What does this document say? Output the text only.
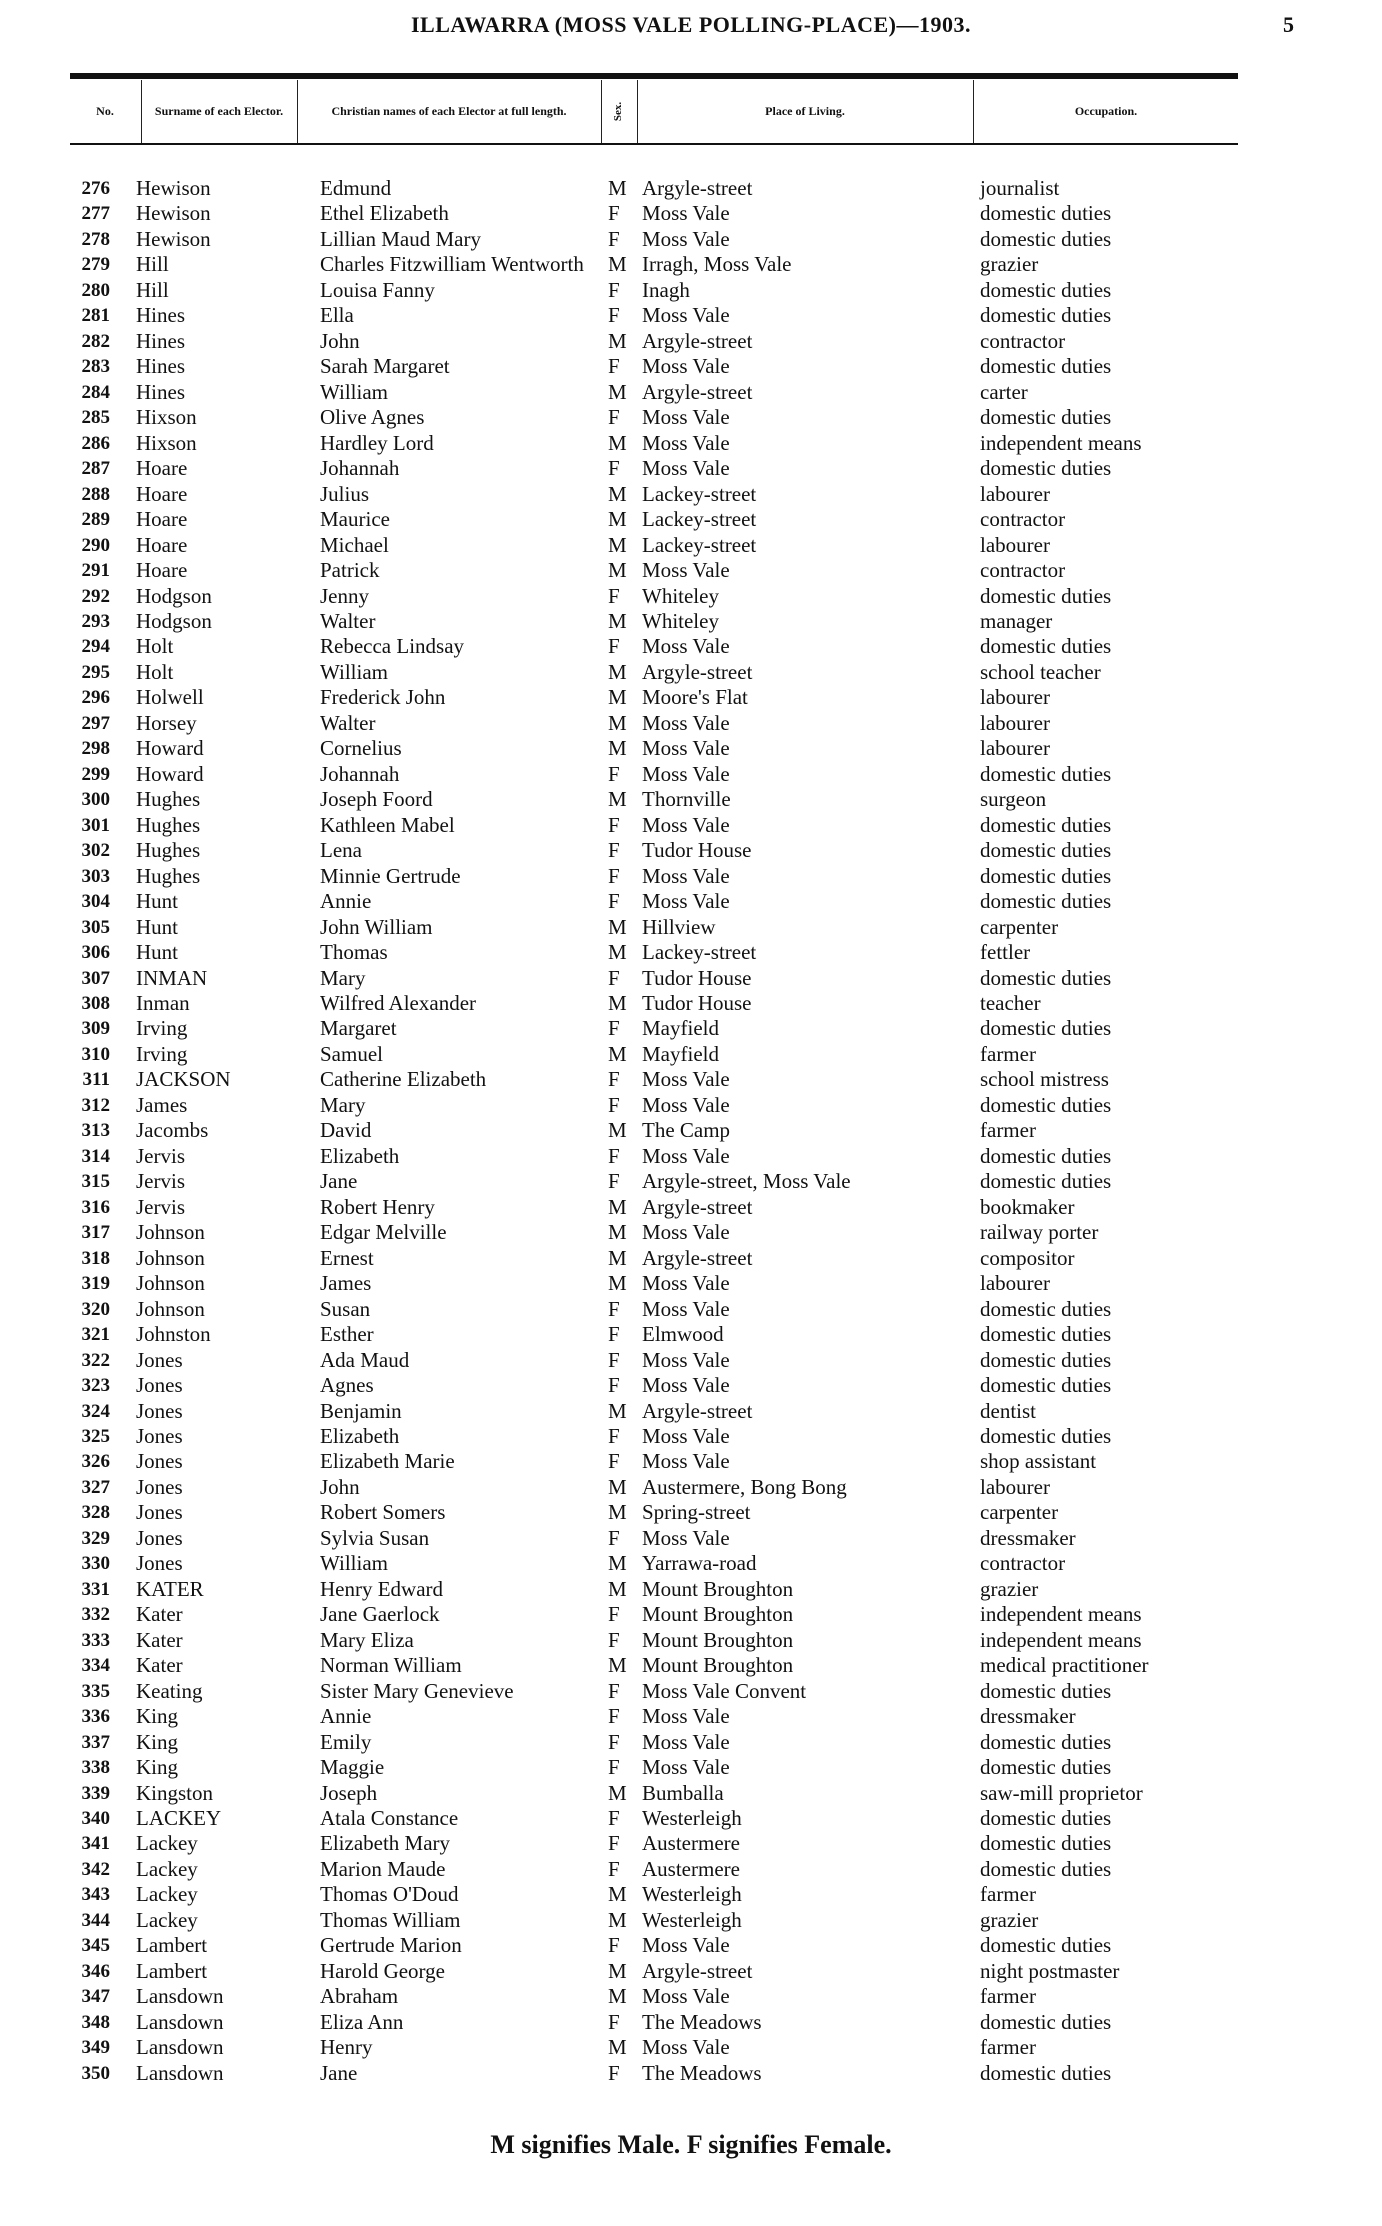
ILLAWARRA (MOSS VALE POLLING-PLACE)—1903.	5
No.	Surname of each Elector.	Christian names of each Elector at full length.	Sex.	Place of Living.	Occupation.
276 Hewison	Edmund	M Argyle-street	journalist
277 Hewison	Ethel Elizabeth	F Moss Vale	domestic duties
278 Hewison	Lillian Maud Mary	F Moss Vale	domestic duties
279 Hill	Charles Fitzwilliam Wentworth M Irragh, Moss Vale	grazier
280 Hill	Louisa Fanny	F Inagh	domestic duties
281 Hines	Ella	F Moss Vale	domestic duties
282 Hines	John	M Argyle-street	contractor
283 Hines	Sarah Margaret	F Moss Vale	domestic duties
284 Hines	William	M Argyle-street	carter
285 Hixson	Olive Agnes	F Moss Vale	domestic duties
286 Hixson	Hardley Lord	M Moss Vale	independent means
287 Hoare	Johannah	F Moss Vale	domestic duties
288 Hoare	Julius	M Lackey-street	labourer
289 Hoare	Maurice	M Lackey-street	contractor
290 Hoare	Michael	M Lackey-street	labourer
291 Hoare	Patrick	M Moss Vale	contractor
292 Hodgson	Jenny	F Whiteley	domestic duties
293 Hodgson	Walter	M Whiteley	manager
294 Holt	Rebecca Lindsay	F Moss Vale	domestic duties
295 Holt	William	M Argyle-street	school teacher
296 Holwell	Frederick John	M Moore's Flat	labourer
297 Horsey	Walter	M Moss Vale	labourer
298 Howard	Cornelius	M Moss Vale	labourer
299 Howard	Johannah	F Moss Vale	domestic duties
300 Hughes	Joseph Foord	M Thornville	surgeon
301 Hughes	Kathleen Mabel	F Moss Vale	domestic duties
302 Hughes	Lena	F Tudor House	domestic duties
303 Hughes	Minnie Gertrude	F Moss Vale	domestic duties
304 Hunt	Annie	F Moss Vale	domestic duties
305 Hunt	John William	M Hillview	carpenter
306 Hunt	Thomas	M Lackey-street	fettler
307 INMAN	Mary	F Tudor House	domestic duties
308 Inman	Wilfred Alexander	M Tudor House	teacher
309 Irving	Margaret	F Mayfield	domestic duties
310 Irving	Samuel	M Mayfield	farmer
311 JACKSON	Catherine Elizabeth	F Moss Vale	school mistress
312 James	Mary	F Moss Vale	domestic duties
313 Jacombs	David	M The Camp	farmer
314 Jervis	Elizabeth	F Moss Vale	domestic duties
315 Jervis	Jane	F Argyle-street, Moss Vale	domestic duties
316 Jervis	Robert Henry	M Argyle-street	bookmaker
317 Johnson	Edgar Melville	M Moss Vale	railway porter
318 Johnson	Ernest	M Argyle-street	compositor
319 Johnson	James	M Moss Vale	labourer
320 Johnson	Susan	F Moss Vale	domestic duties
321 Johnston	Esther	F Elmwood	domestic duties
322 Jones	Ada Maud	F Moss Vale	domestic duties
323 Jones	Agnes	F Moss Vale	domestic duties
324 Jones	Benjamin	M Argyle-street	dentist
325 Jones	Elizabeth	F Moss Vale	domestic duties
326 Jones	Elizabeth Marie	F Moss Vale	shop assistant
327 Jones	John	M Austermere, Bong Bong	labourer
328 Jones	Robert Somers	M Spring-street	carpenter
329 Jones	Sylvia Susan	F Moss Vale	dressmaker
330 Jones	William	M Yarrawa-road	contractor
331 KATER	Henry Edward	M Mount Broughton	grazier
332 Kater	Jane Gaerlock	F Mount Broughton	independent means
333 Kater	Mary Eliza	F Mount Broughton	independent means
334 Kater	Norman William	M Mount Broughton	medical practitioner
335 Keating	Sister Mary Genevieve	F Moss Vale Convent	domestic duties
336 King	Annie	F Moss Vale	dressmaker
337 King	Emily	F Moss Vale	domestic duties
338 King	Maggie	F Moss Vale	domestic duties
339 Kingston	Joseph	M Bumballa	saw-mill proprietor
340 LACKEY	Atala Constance	F Westerleigh	domestic duties
341 Lackey	Elizabeth Mary	F Austermere	domestic duties
342 Lackey	Marion Maude	F Austermere	domestic duties
343 Lackey	Thomas O'Doud	M Westerleigh	farmer
344 Lackey	Thomas William	M Westerleigh	grazier
345 Lambert	Gertrude Marion	F Moss Vale	domestic duties
346 Lambert	Harold George	M Argyle-street	night postmaster
347 Lansdown	Abraham	M Moss Vale	farmer
348 Lansdown	Eliza Ann	F The Meadows	domestic duties
349 Lansdown	Henry	M Moss Vale	farmer
350 Lansdown	Jane	F The Meadows	domestic duties
M signifies Male. F signifies Female.
